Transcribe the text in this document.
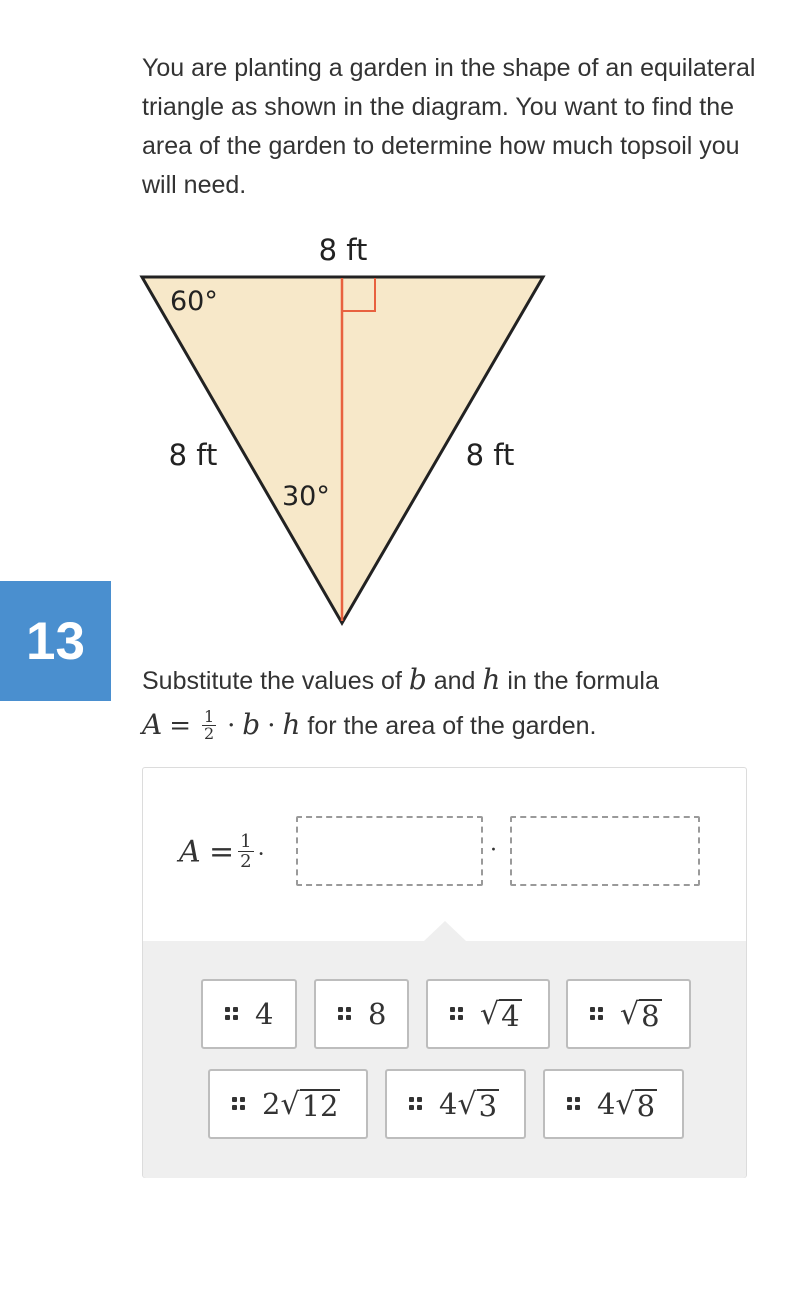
You are planting a garden in the shape of an equilateral triangle as shown in the diagram. You want to find the area of the garden to determine how much topsoil you will need.

8 ft
60°
8 ft	8 ft
30°
13
Substitute the values of b and h in the formula
$A = \frac{1}{2} \cdot b \cdot h$ for the area of the garden.
$A = \frac{1}{2}$ ·	·
4	8	√ 4	√ 8
2 √ 12	4 √ 3	4 √ 8
